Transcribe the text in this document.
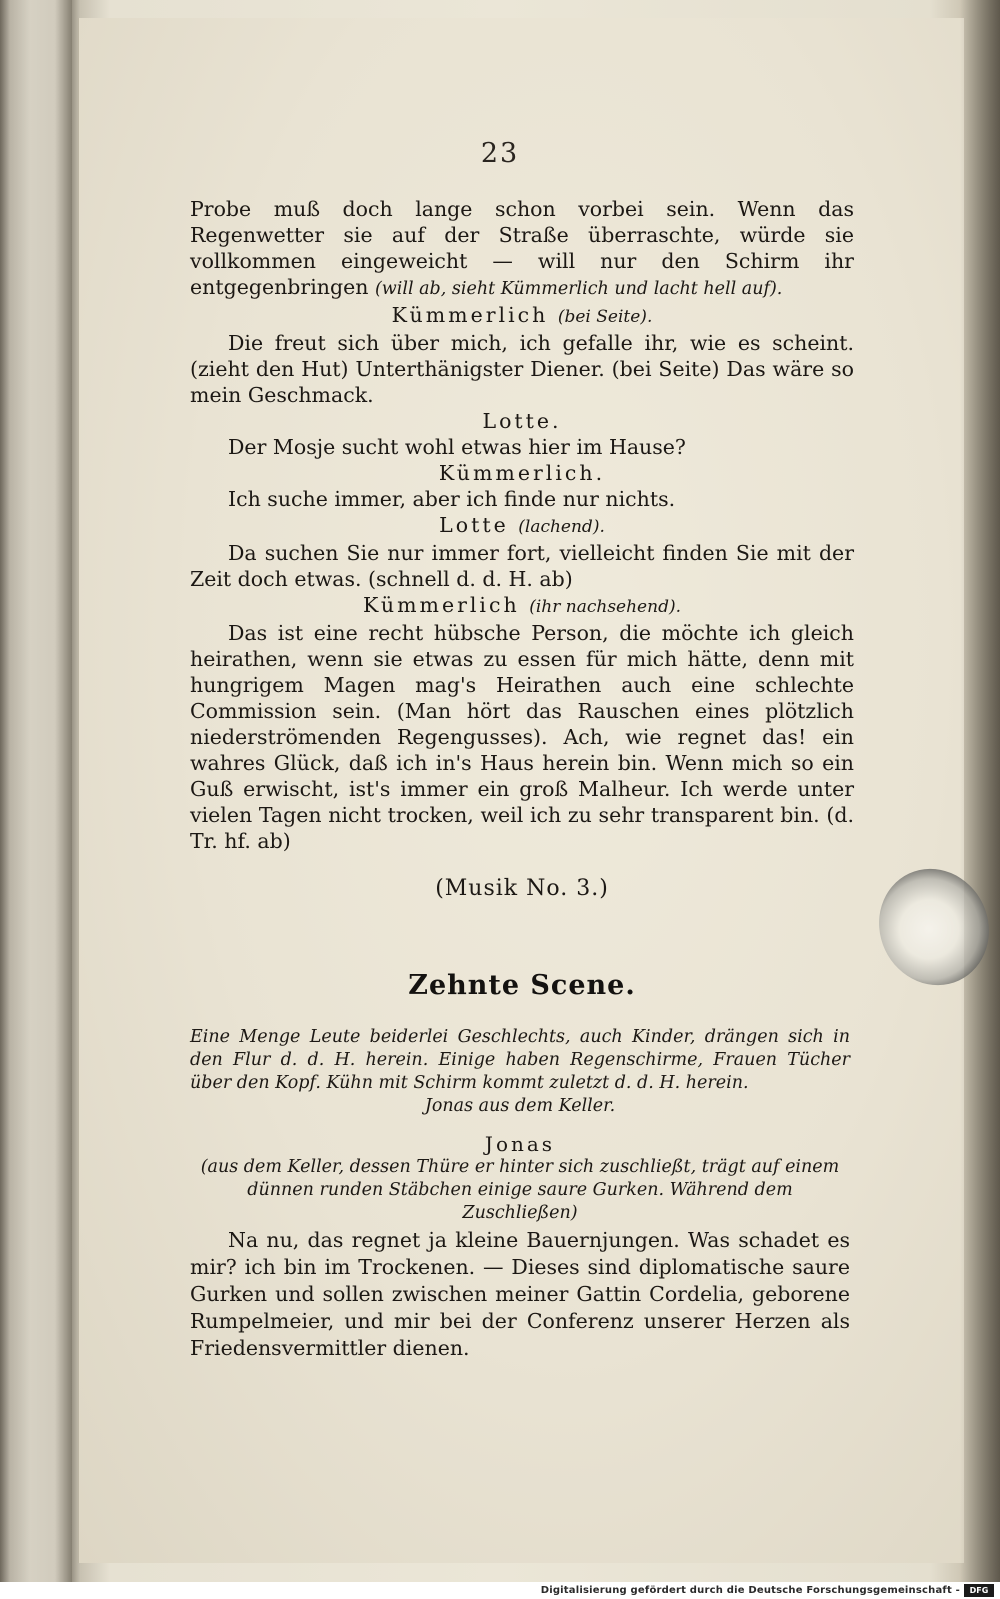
23

Probe muß doch lange schon vorbei sein. Wenn das Regenwetter sie auf der Straße überraschte, würde sie vollkommen eingeweicht — will nur den Schirm ihr entgegenbringen (will ab, sieht Kümmerlich und lacht hell auf).

Kümmerlich (bei Seite).

Die freut sich über mich, ich gefalle ihr, wie es scheint. (zieht den Hut) Unterthänigster Diener. (bei Seite) Das wäre so mein Geschmack.

Lotte.

Der Mosje sucht wohl etwas hier im Hause?

Kümmerlich.

Ich suche immer, aber ich finde nur nichts.

Lotte (lachend).

Da suchen Sie nur immer fort, vielleicht finden Sie mit der Zeit doch etwas. (schnell d. d. H. ab)

Kümmerlich (ihr nachsehend).

Das ist eine recht hübsche Person, die möchte ich gleich heirathen, wenn sie etwas zu essen für mich hätte, denn mit hungrigem Magen mag's Heirathen auch eine schlechte Commission sein. (Man hört das Rauschen eines plötzlich niederströmenden Regengusses). Ach, wie regnet das! ein wahres Glück, daß ich in's Haus herein bin. Wenn mich so ein Guß erwischt, ist's immer ein groß Malheur. Ich werde unter vielen Tagen nicht trocken, weil ich zu sehr transparent bin. (d. Tr. hf. ab)

(Musik No. 3.)
Zehnte Scene.

Eine Menge Leute beiderlei Geschlechts, auch Kinder, drängen sich in den Flur d. d. H. herein. Einige haben Regenschirme, Frauen Tücher über den Kopf. Kühn mit Schirm kommt zuletzt d. d. H. herein.

Jonas aus dem Keller.

Jonas

(aus dem Keller, dessen Thüre er hinter sich zuschließt, trägt auf einem dünnen runden Stäbchen einige saure Gurken. Während dem Zuschließen)

Na nu, das regnet ja kleine Bauernjungen. Was schadet es mir? ich bin im Trockenen. — Dieses sind diplomatische saure Gurken und sollen zwischen meiner Gattin Cordelia, geborene Rumpelmeier, und mir bei der Conferenz unserer Herzen als Friedensvermittler dienen.

Digitalisierung gefördert durch die Deutsche Forschungsgemeinschaft -	DFG
